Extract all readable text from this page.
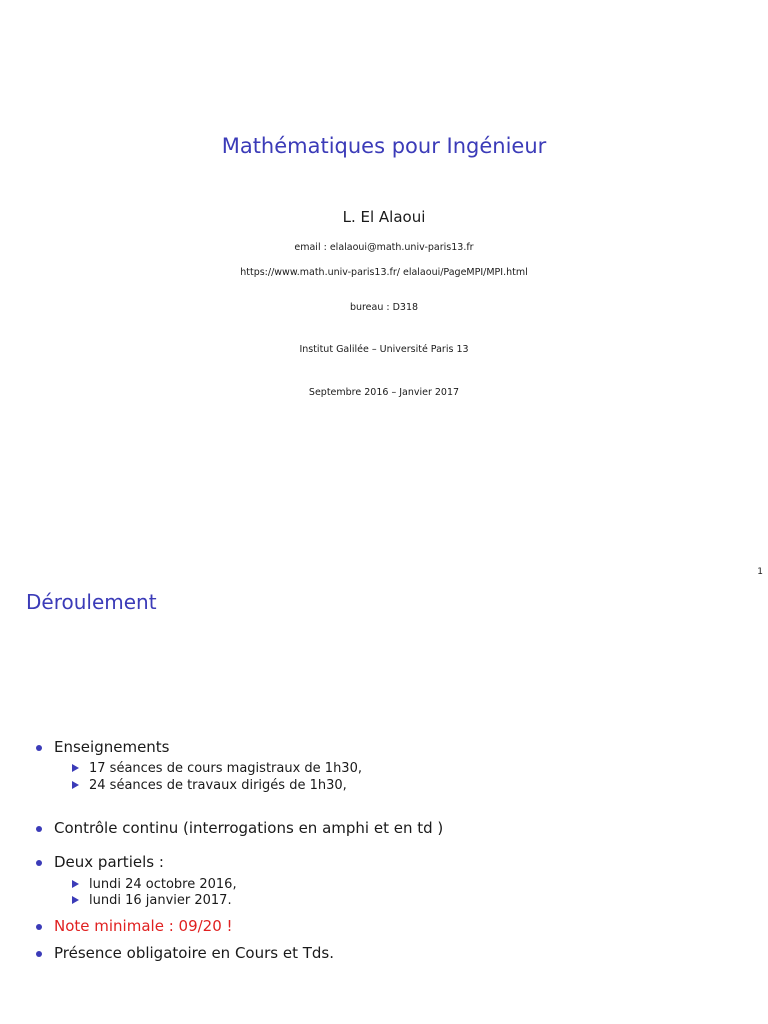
Mathématiques pour Ingénieur
L. El Alaoui
email : elalaoui@math.univ-paris13.fr
https://www.math.univ-paris13.fr/ elalaoui/PageMPI/MPI.html
bureau : D318
Institut Galilée – Université Paris 13
Septembre 2016 – Janvier 2017
1
Déroulement
Enseignements
17 séances de cours magistraux de 1h30,
24 séances de travaux dirigés de 1h30,
Contrôle continu (interrogations en amphi et en td )
Deux partiels :
lundi 24 octobre 2016,
lundi 16 janvier 2017.
Note minimale : 09/20 !
Présence obligatoire en Cours et Tds.
